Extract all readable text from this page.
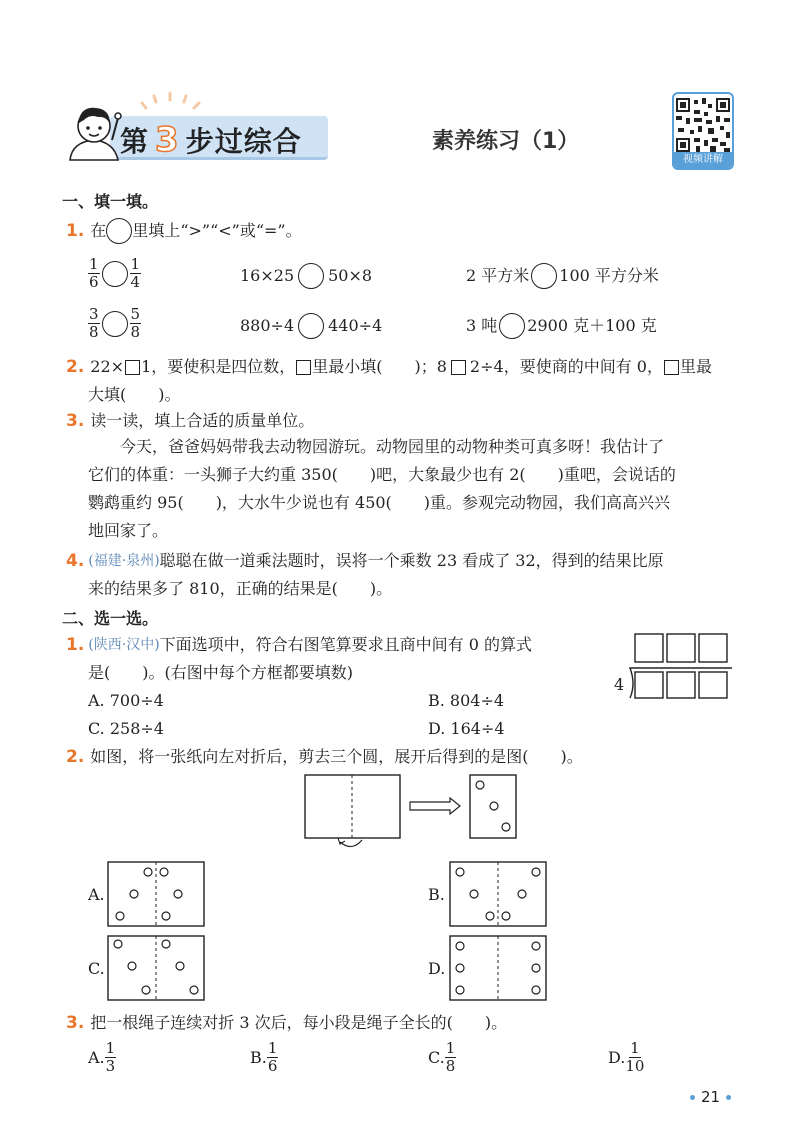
第 3 步过综合	素养练习（1）
视频讲解
一、填一填。
1. 在 里填上“>”“<”或“=”。
$\frac{1}{6} \frac{1}{4}$	16×25 50×8	2 平方米 100 平方分米
$\frac{3}{8} \frac{5}{8}$	880÷4 440÷4	3 吨 2900 克＋100 克
2. 22× 1，要使积是四位数， 里最小填(　　)；8 2÷4，要使商的中间有 0， 里最
大填(　　)。
3. 读一读，填上合适的质量单位。
今天，爸爸妈妈带我去动物园游玩。动物园里的动物种类可真多呀！我估计了
它们的体重：一头狮子大约重 350(　　)吧，大象最少也有 2(　　)重吧，会说话的
鹦鹉重约 95(　　)，大水牛少说也有 450(　　)重。参观完动物园，我们高高兴兴
地回家了。
4. (福建·泉州) 聪聪在做一道乘法题时，误将一个乘数 23 看成了 32，得到的结果比原
来的结果多了 810，正确的结果是(　　)。
二、选一选。
1. (陕西·汉中) 下面选项中，符合右图笔算要求且商中间有 0 的算式
是(　　)。(右图中每个方框都要填数)
4
A. 700÷4	B. 804÷4
C. 258÷4	D. 164÷4
2. 如图，将一张纸向左对折后，剪去三个圆，展开后得到的是图(　　)。
A.	B.
C.	D.
3. 把一根绳子连续对折 3 次后，每小段是绳子全长的(　　)。
A. $\frac{1}{3}$	B. $\frac{1}{6}$	C. $\frac{1}{8}$	D. $\frac{1}{10}$
21
